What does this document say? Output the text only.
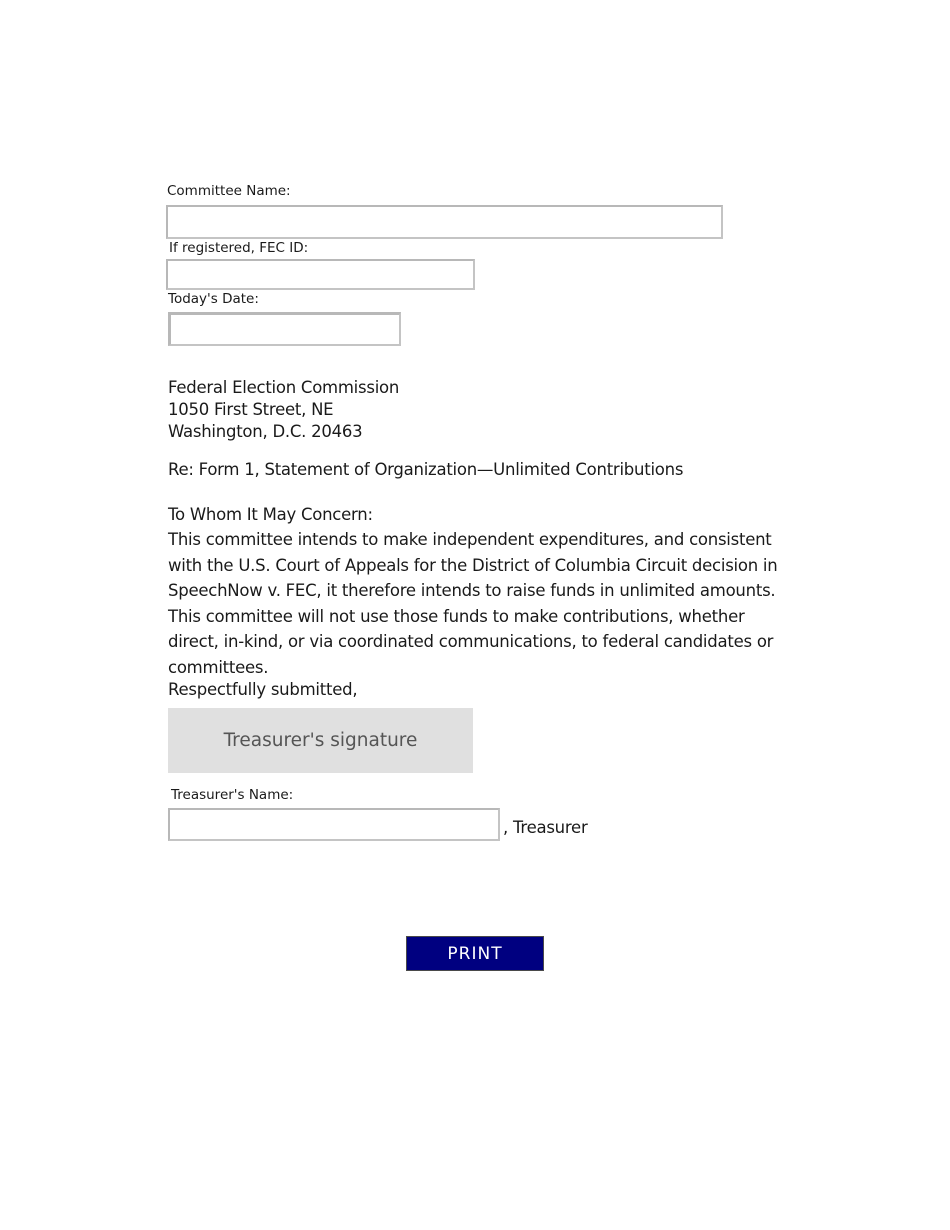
Committee Name:
If registered, FEC ID:
Today's Date:
Federal Election Commission
1050 First Street, NE
Washington, D.C. 20463
Re: Form 1, Statement of Organization—Unlimited Contributions
To Whom It May Concern:
This committee intends to make independent expenditures, and consistent with the U.S. Court of Appeals for the District of Columbia Circuit decision in SpeechNow v. FEC, it therefore intends to raise funds in unlimited amounts. This committee will not use those funds to make contributions, whether direct, in-kind, or via coordinated communications, to federal candidates or committees.
Respectfully submitted,
Treasurer's signature
Treasurer's Name:
, Treasurer
PRINT
